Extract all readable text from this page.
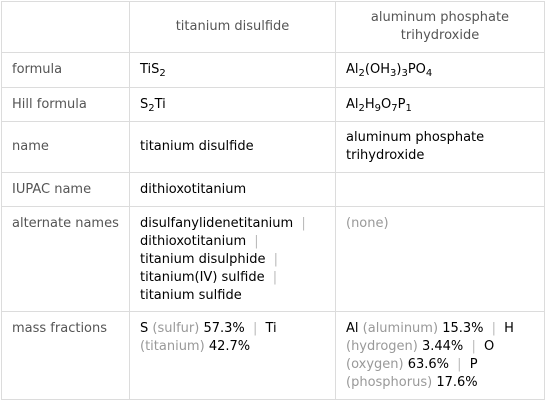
	titanium disulfide	aluminum phosphate trihydroxide
formula	TiS$_2$	$Al_2(OH_3)_3PO_4$
Hill formula	$S_2Ti$	$Al_2H_9O_7P_1$
name	titanium disulfide	aluminum phosphate trihydroxide
IUPAC name	dithioxotitanium	
alternate names	disulfanylidenetitanium |
dithioxotitanium |
titanium disulphide |
titanium(IV) sulfide |
titanium sulfide	(none)
mass fractions	S (sulfur) 57.3% | Ti (titanium) 42.7%	Al (aluminum) 15.3% | H (hydrogen) 3.44% | O (oxygen) 63.6% | P (phosphorus) 17.6%
